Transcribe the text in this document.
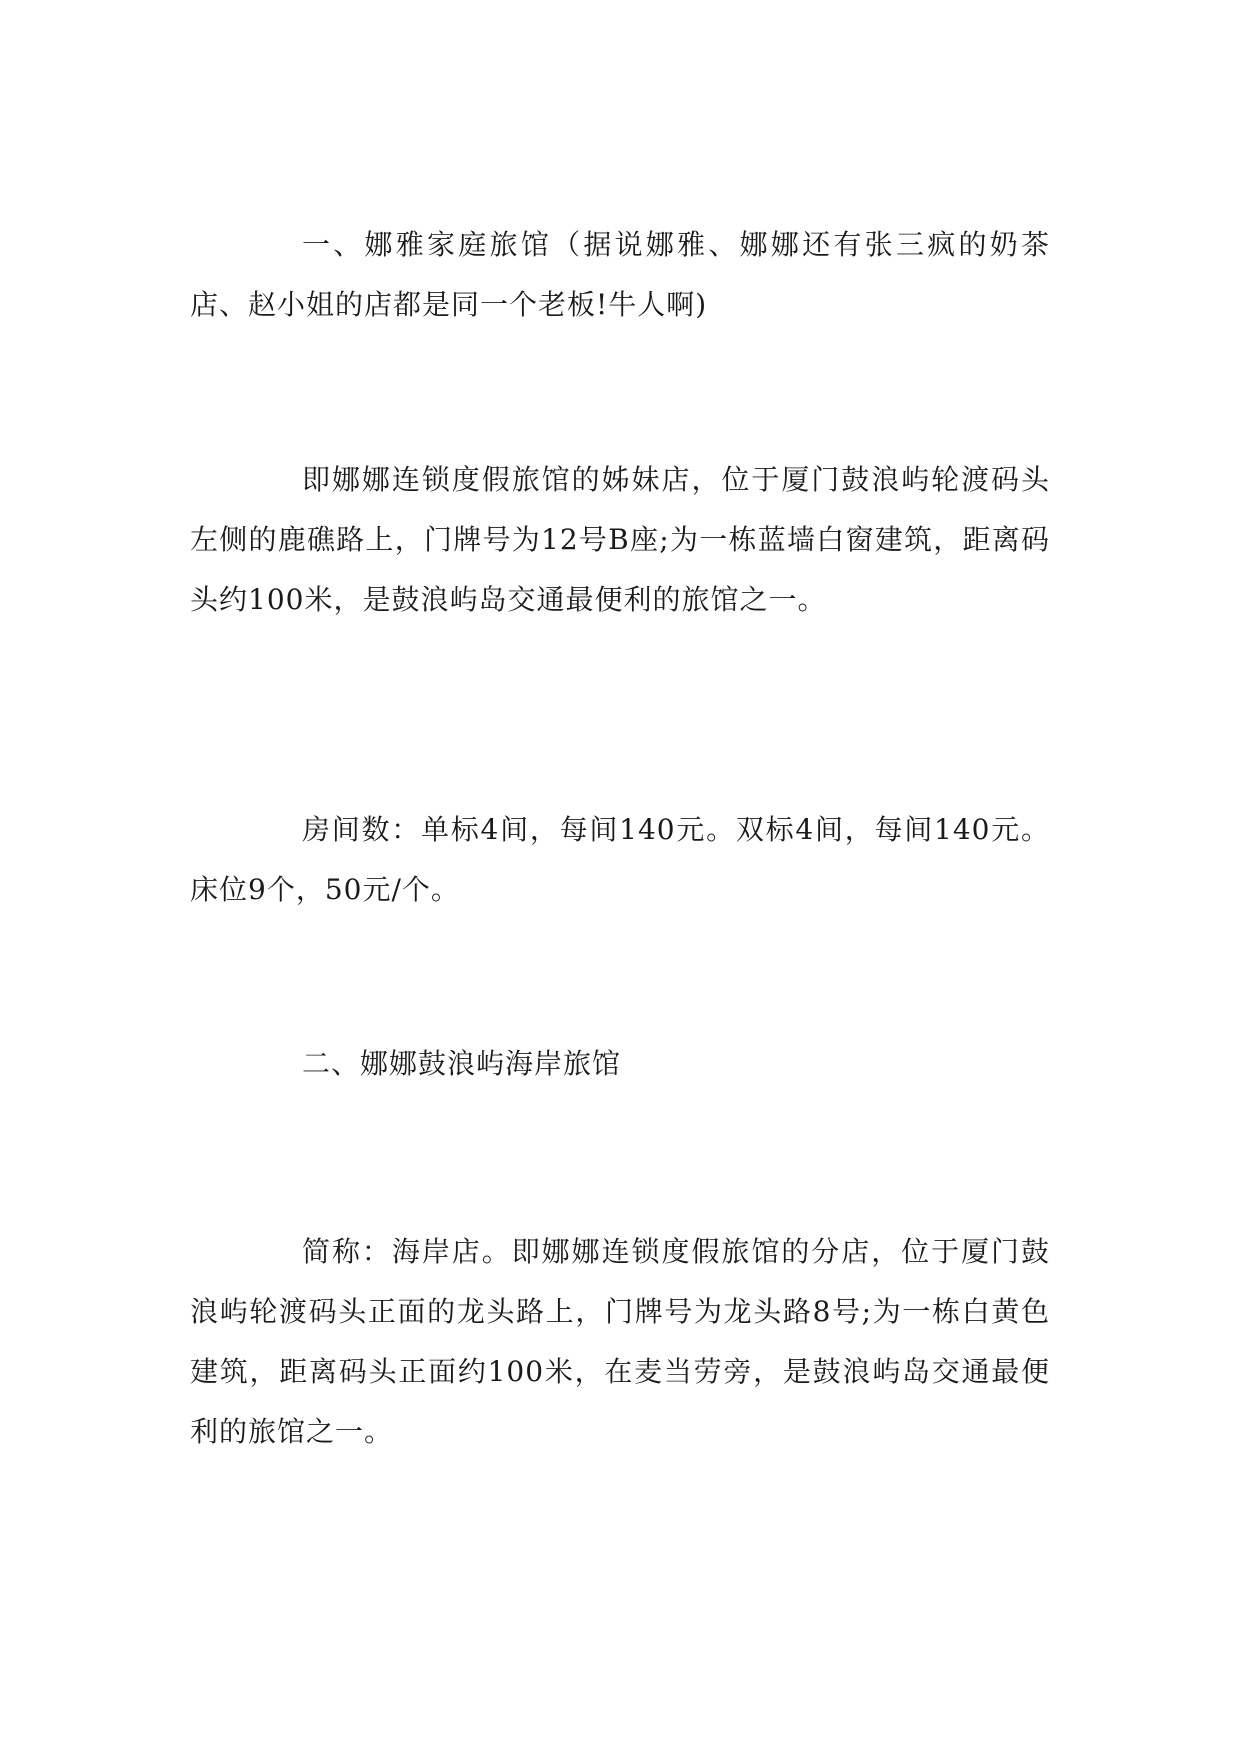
一、娜雅家庭旅馆（据说娜雅、娜娜还有张三疯的奶茶店、赵小姐的店都是同一个老板!牛人啊)

即娜娜连锁度假旅馆的姊妹店，位于厦门鼓浪屿轮渡码头左侧的鹿礁路上，门牌号为12号B座;为一栋蓝墙白窗建筑，距离码头约100米，是鼓浪屿岛交通最便利的旅馆之一。

房间数：单标4间，每间140元。双标4间，每间140元。床位9个，50元/个。

二、娜娜鼓浪屿海岸旅馆

简称：海岸店。即娜娜连锁度假旅馆的分店，位于厦门鼓浪屿轮渡码头正面的龙头路上，门牌号为龙头路8号;为一栋白黄色建筑，距离码头正面约100米，在麦当劳旁，是鼓浪屿岛交通最便利的旅馆之一。
